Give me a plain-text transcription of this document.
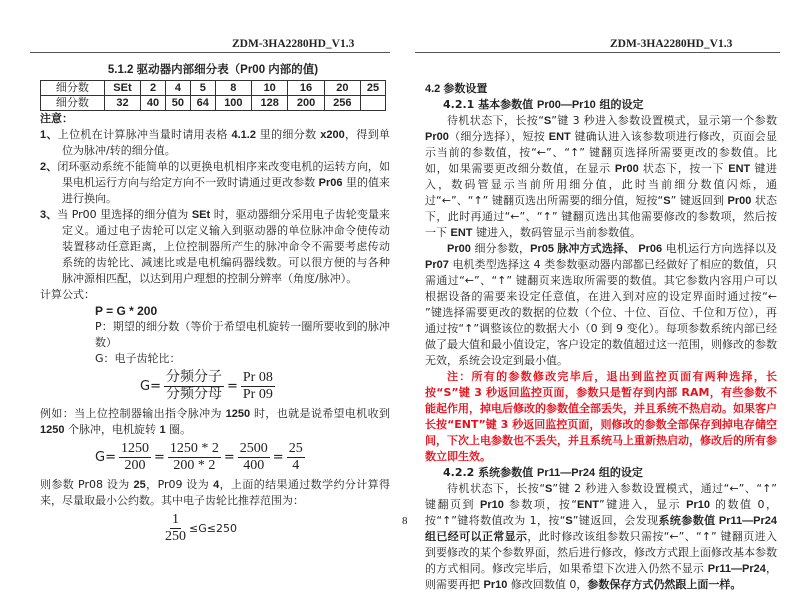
ZDM-3HA2280HD_V1.3	ZDM-3HA2280HD_V1.3
5.1.2 驱动器内部细分表（Pr00 内部的值)
细分数	SEt	2	4	5	8	10	16	20	25
细分数	32	40	50	64	100	128	200	256	
注意：
1、上位机在计算脉冲当量时请用表格 4.1.2 里的细分数 x200，得到单位为脉冲/转的细分值。
2、闭环驱动系统不能简单的以更换电机相序来改变电机的运转方向，如果电机运行方向与给定方向不一致时请通过更改参数 Pr06 里的值来进行换向。
3、当 Pr00 里选择的细分值为 SEt 时，驱动器细分采用电子齿轮变量来定义。通过电子齿轮可以定义输入到驱动器的单位脉冲命令使传动装置移动任意距离，上位控制器所产生的脉冲命令不需要考虑传动系统的齿轮比、减速比或是电机编码器线数。可以很方便的与各种脉冲源相匹配，以达到用户理想的控制分辨率（角度/脉冲）。
计算公式：
P = G * 200
P：期望的细分数（等价于希望电机旋转一圈所要收到的脉冲数）
G：电子齿轮比：
$G= \frac{\text{分频分子}}{\text{分频分母}} = \frac{Pr 08}{Pr 09}$
例如：当上位控制器输出指令脉冲为 1250 时，也就是说希望电机收到 1250 个脉冲，电机旋转 1 圈。
$G= \frac{1250}{200} = \frac{1250 * 2}{200 * 2} = \frac{2500}{400} = \frac{25}{4}$
则参数 Pr08 设为 25，Pr09 设为 4，上面的结果通过数学约分计算得来，尽量取最小公约数。其中电子齿轮比推荐范围为：
$\frac{1}{250} \le G\le 250$
4.2 参数设置
4.2.1 基本参数值 Pr00—Pr10 组的设定
待机状态下，长按“S”键 3 秒进入参数设置模式，显示第一个参数 Pr00（细分选择），短按 ENT 键确认进入该参数项进行修改，页面会显示当前的参数值，按“←”、“↑” 键翻页选择所需要更改的参数值。比如，如果需要更改细分数值，在显示 Pr00 状态下，按一下 ENT 键进入，数码管显示当前所用细分值，此时当前细分数值闪烁，通过“←”、“↑” 键翻页选出所需要的细分值，短按“S” 键返回到 Pr00 状态下，此时再通过“←”、“↑” 键翻页选出其他需要修改的参数项，然后按一下 ENT 键进入，数码管显示当前参数值。
Pr00 细分参数，Pr05 脉冲方式选择、 Pr06 电机运行方向选择以及 Pr07 电机类型选择这 4 类参数驱动器内部都已经做好了相应的数值，只需通过“←”、“↑” 键翻页来选取所需要的数值。其它参数内容用户可以根据设备的需要来设定任意值，在进入到对应的设定界面时通过按“← ”键选择需要更改的数据的位数（个位、十位、百位、千位和万位），再通过按“↑”调整该位的数据大小（0 到 9 变化）。每项参数系统内部已经做了最大值和最小值设定，客户设定的数值超过这一范围，则修改的参数无效，系统会设定到最小值。
注：所有的参数修改完毕后，退出到监控页面有两种选择，长按“S”键 3 秒返回监控页面，参数只是暂存到内部 RAM，有些参数不能起作用，掉电后修改的参数值全部丢失，并且系统不热启动。如果客户长按“ENT”键 3 秒返回监控页面，则修改的参数全部保存到掉电存储空间，下次上电参数也不丢失，并且系统马上重新热启动，修改后的所有参数立即生效。
4.2.2 系统参数值 Pr11—Pr24 组的设定
待机状态下，长按“S”键 2 秒进入参数设置模式，通过“←”、“↑” 键翻页到 Pr10 参数项，按“ENT”键进入，显示 Pr10 的数值 0，按“↑”键将数值改为 1，按“S”键返回，会发现系统参数值 Pr11—Pr24 组已经可以正常显示，此时修改该组参数只需按“←”、“↑” 键翻页进入到要修改的某个参数界面，然后进行修改，修改方式跟上面修改基本参数的方式相同。修改完毕后，如果希望下次进入仍然不显示 Pr11—Pr24，则需要再把 Pr10 修改回数值 0，参数保存方式仍然跟上面一样。
8
